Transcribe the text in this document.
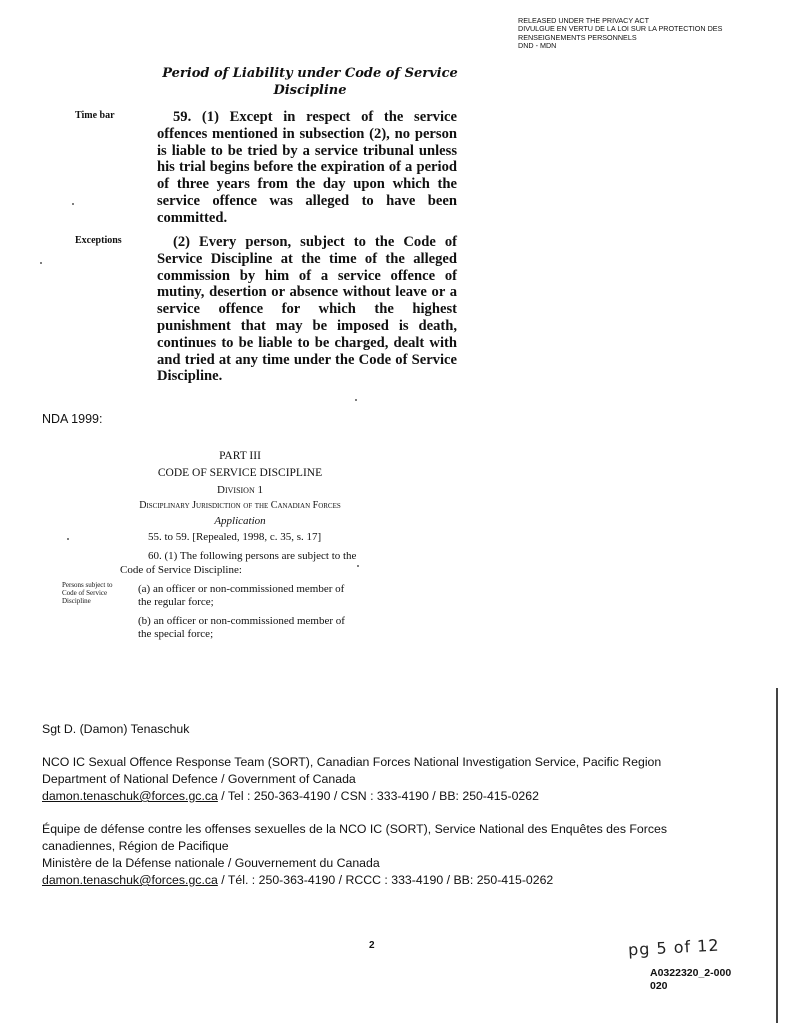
RELEASED UNDER THE PRIVACY ACT
DIVULGUE EN VERTU DE LA LOI SUR LA PROTECTION DES
RENSEIGNEMENTS PERSONNELS
DND - MDN
Period of Liability under Code of Service
Discipline
Time bar	59. (1) Except in respect of the service offences mentioned in subsection (2), no person is liable to be tried by a service tribunal unless his trial begins before the expiration of a period of three years from the day upon which the service offence was alleged to have been committed.
Exceptions	(2) Every person, subject to the Code of Service Discipline at the time of the alleged commission by him of a service offence of mutiny, desertion or absence without leave or a service offence for which the highest punishment that may be imposed is death, continues to be liable to be charged, dealt with and tried at any time under the Code of Service Discipline.
NDA 1999:
PART III
CODE OF SERVICE DISCIPLINE
Division 1
Disciplinary Jurisdiction of the Canadian Forces
Application
55. to 59. [Repealed, 1998, c. 35, s. 17]
60. (1) The following persons are subject to the Code of Service Discipline:
(a) an officer or non-commissioned member of the regular force;
(b) an officer or non-commissioned member of the special force;
Persons subject to Code of Service Discipline
Sgt D. (Damon) Tenaschuk
NCO IC Sexual Offence Response Team (SORT), Canadian Forces National Investigation Service, Pacific Region
Department of National Defence / Government of Canada
damon.tenaschuk@forces.gc.ca / Tel : 250-363-4190 / CSN : 333-4190 / BB: 250-415-0262
Équipe de défense contre les offenses sexuelles de la NCO IC (SORT), Service National des Enquêtes des Forces
canadiennes, Région de Pacifique
Ministère de la Défense nationale / Gouvernement du Canada
damon.tenaschuk@forces.gc.ca / Tél. : 250-363-4190 / RCCC : 333-4190 / BB: 250-415-0262
2	pg 5 of 12
A0322320_2-000
020
